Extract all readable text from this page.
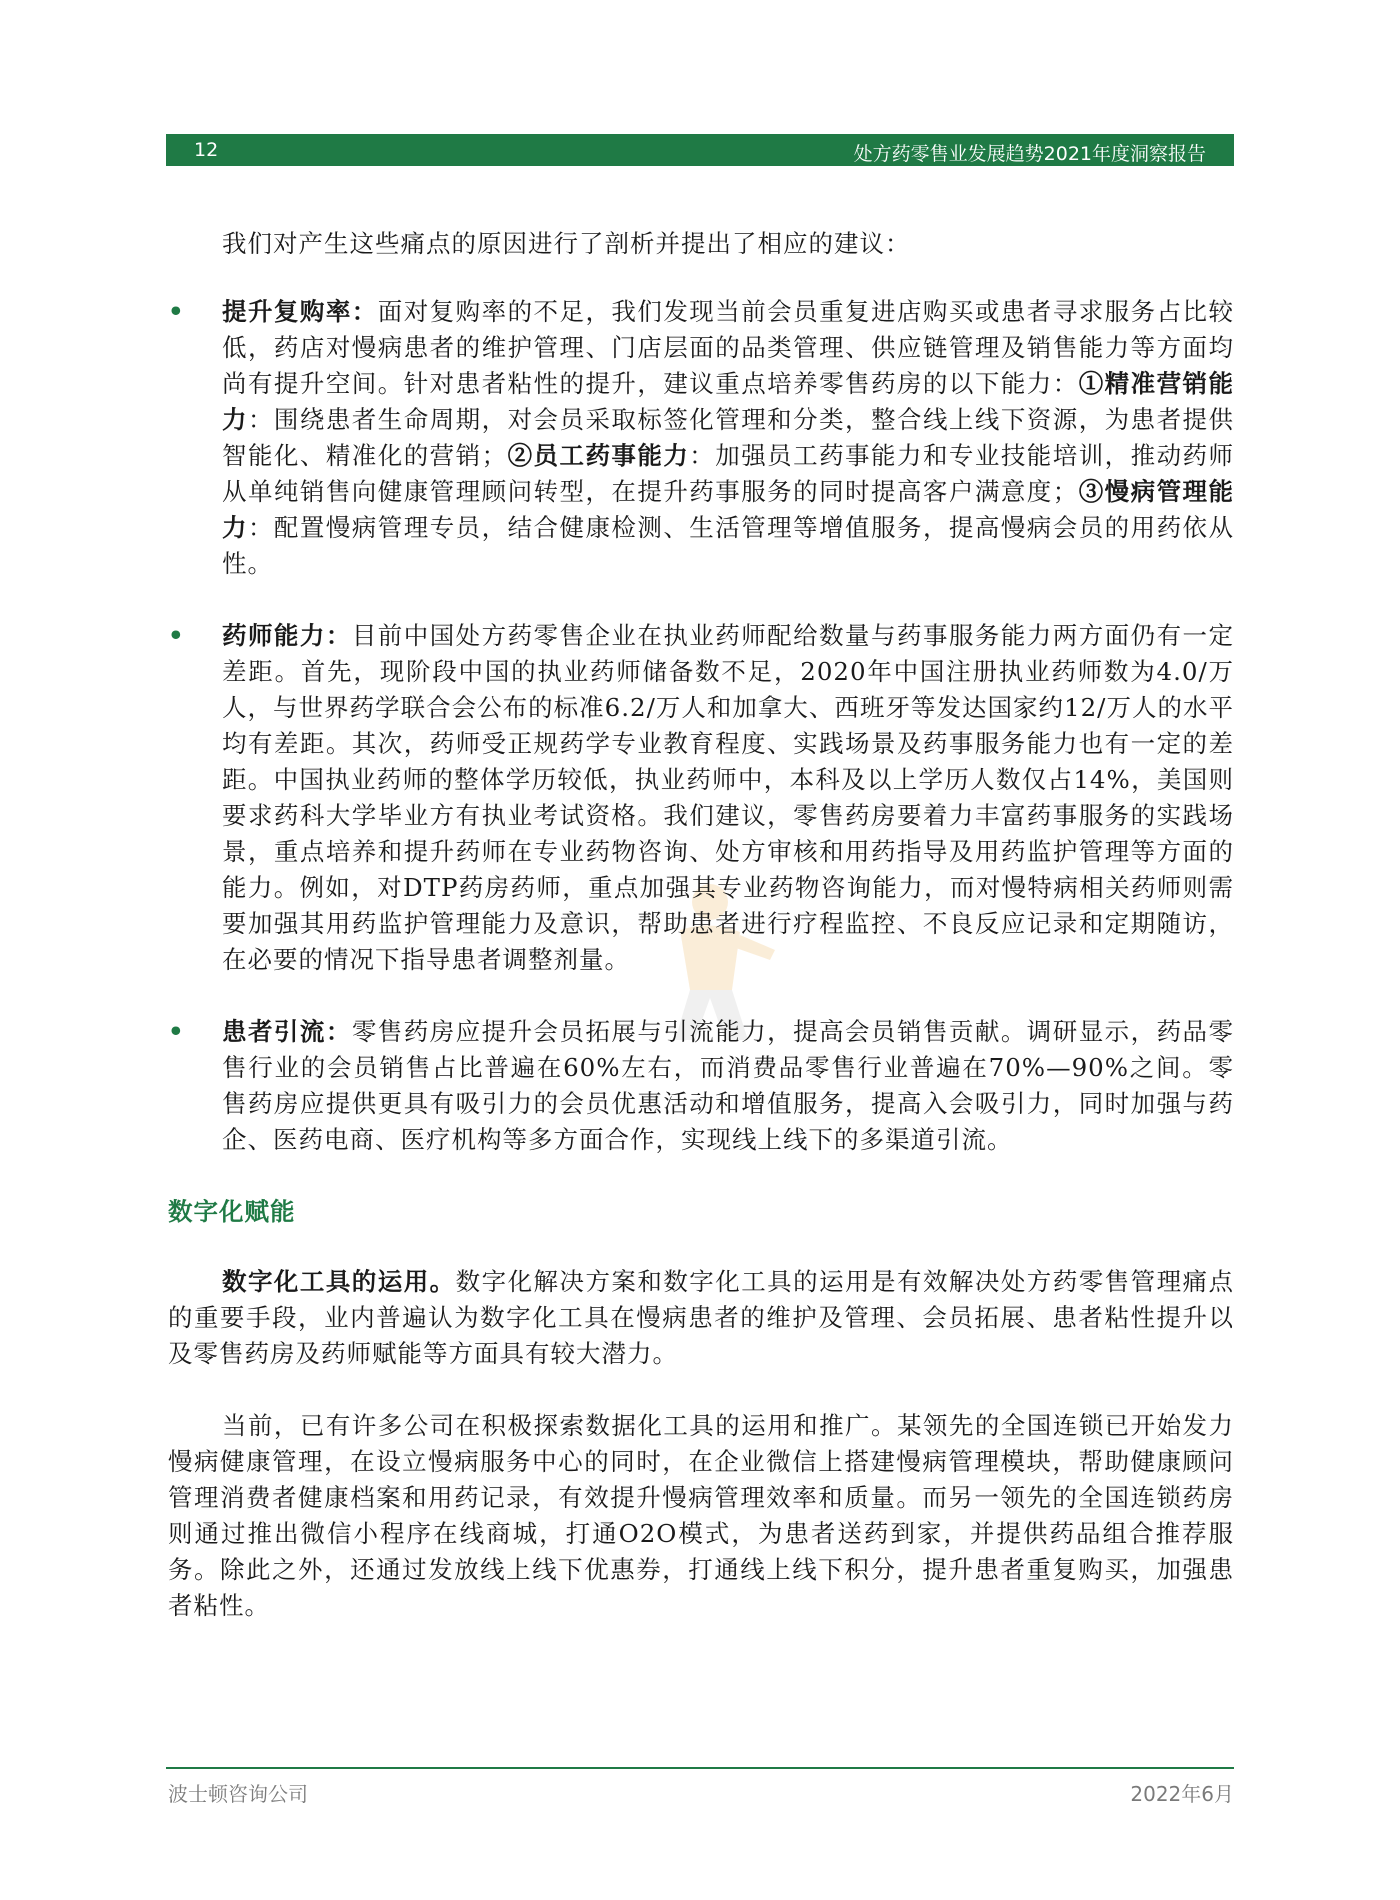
12	处方药零售业发展趋势2021年度洞察报告

我们对产生这些痛点的原因进行了剖析并提出了相应的建议：

• 提升复购率：面对复购率的不足，我们发现当前会员重复进店购买或患者寻求服务占比较低，药店对慢病患者的维护管理、门店层面的品类管理、供应链管理及销售能力等方面均尚有提升空间。针对患者粘性的提升，建议重点培养零售药房的以下能力：①精准营销能力：围绕患者生命周期，对会员采取标签化管理和分类，整合线上线下资源，为患者提供智能化、精准化的营销；②员工药事能力：加强员工药事能力和专业技能培训，推动药师从单纯销售向健康管理顾问转型，在提升药事服务的同时提高客户满意度；③慢病管理能力：配置慢病管理专员，结合健康检测、生活管理等增值服务，提高慢病会员的用药依从性。

• 药师能力：目前中国处方药零售企业在执业药师配给数量与药事服务能力两方面仍有一定差距。首先，现阶段中国的执业药师储备数不足，2020年中国注册执业药师数为4.0/万人，与世界药学联合会公布的标准6.2/万人和加拿大、西班牙等发达国家约12/万人的水平均有差距。其次，药师受正规药学专业教育程度、实践场景及药事服务能力也有一定的差距。中国执业药师的整体学历较低，执业药师中，本科及以上学历人数仅占14%，美国则要求药科大学毕业方有执业考试资格。我们建议，零售药房要着力丰富药事服务的实践场景，重点培养和提升药师在专业药物咨询、处方审核和用药指导及用药监护管理等方面的能力。例如，对DTP药房药师，重点加强其专业药物咨询能力，而对慢特病相关药师则需要加强其用药监护管理能力及意识，帮助患者进行疗程监控、不良反应记录和定期随访，在必要的情况下指导患者调整剂量。

• 患者引流：零售药房应提升会员拓展与引流能力，提高会员销售贡献。调研显示，药品零售行业的会员销售占比普遍在60%左右，而消费品零售行业普遍在70%—90%之间。零售药房应提供更具有吸引力的会员优惠活动和增值服务，提高入会吸引力，同时加强与药企、医药电商、医疗机构等多方面合作，实现线上线下的多渠道引流。

数字化赋能

数字化工具的运用。数字化解决方案和数字化工具的运用是有效解决处方药零售管理痛点的重要手段，业内普遍认为数字化工具在慢病患者的维护及管理、会员拓展、患者粘性提升以及零售药房及药师赋能等方面具有较大潜力。

当前，已有许多公司在积极探索数据化工具的运用和推广。某领先的全国连锁已开始发力慢病健康管理，在设立慢病服务中心的同时，在企业微信上搭建慢病管理模块，帮助健康顾问管理消费者健康档案和用药记录，有效提升慢病管理效率和质量。而另一领先的全国连锁药房则通过推出微信小程序在线商城，打通O2O模式，为患者送药到家，并提供药品组合推荐服务。除此之外，还通过发放线上线下优惠券，打通线上线下积分，提升患者重复购买，加强患者粘性。

波士顿咨询公司	2022年6月
